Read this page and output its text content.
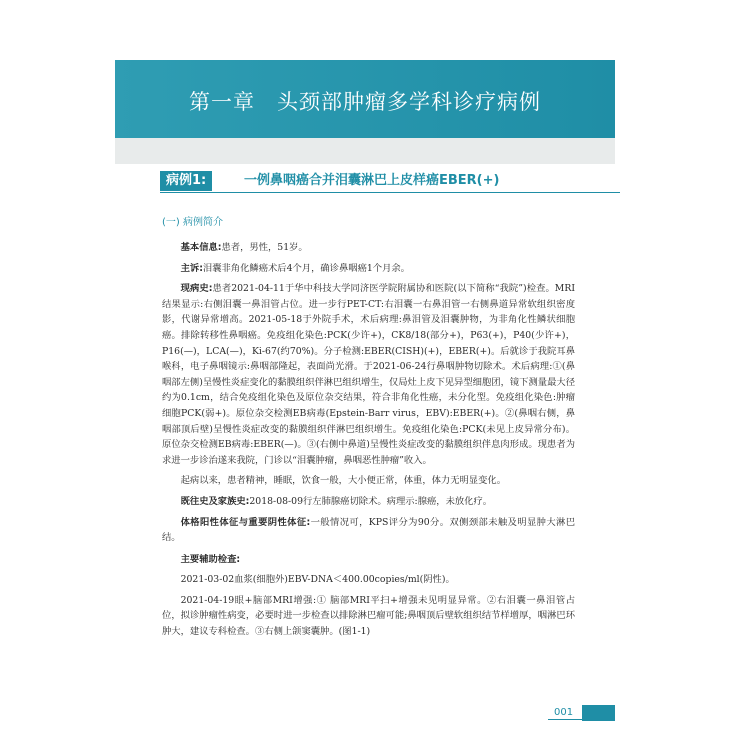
第一章　头颈部肿瘤多学科诊疗病例
病例1:	一例鼻咽癌合并泪囊淋巴上皮样癌EBER(+)
(一) 病例简介

基本信息:患者，男性，51岁。

主诉:泪囊非角化鳞癌术后4个月，确诊鼻咽癌1个月余。

现病史:患者2021-04-11于华中科技大学同济医学院附属协和医院(以下简称“我院”)检查。MRI结果显示:右侧泪囊一鼻泪管占位。进一步行PET-CT:右泪囊一右鼻泪管一右侧鼻道异常软组织密度影，代谢异常增高。2021-05-18于外院手术，术后病理:鼻泪管及泪囊肿物，为非角化性鳞状细胞癌。排除转移性鼻咽癌。免疫组化染色:PCK(少许+)，CK8/18(部分+)，P63(+)，P40(少许+)，P16(—)，LCA(—)，Ki-67(约70%)。分子检测:EBER(CISH)(+)，EBER(+)。后就诊于我院耳鼻喉科，电子鼻咽镜示:鼻咽部隆起，表面尚光滑。于2021-06-24行鼻咽肿物切除术。术后病理:①(鼻咽部左侧)呈慢性炎症变化的黏膜组织伴淋巴组织增生，仅局灶上皮下见异型细胞团，镜下测量最大径约为0.1cm，结合免疫组化染色及原位杂交结果，符合非角化性癌，未分化型。免疫组化染色:肿瘤细胞PCK(弱+)。原位杂交检测EB病毒(Epstein-Barr virus，EBV):EBER(+)。②(鼻咽右侧，鼻咽部顶后壁)呈慢性炎症改变的黏膜组织伴淋巴组织增生。免疫组化染色:PCK(未见上皮异常分布)。原位杂交检测EB病毒:EBER(—)。③(右侧中鼻道)呈慢性炎症改变的黏膜组织伴息肉形成。现患者为求进一步诊治遂来我院，门诊以“泪囊肿瘤，鼻咽恶性肿瘤”收入。

起病以来，患者精神，睡眠，饮食一般，大小便正常，体重，体力无明显变化。

既往史及家族史:2018-08-09行左肺腺癌切除术。病理示:腺癌，未放化疗。

体格阳性体征与重要阴性体征:一般情况可，KPS评分为90分。双侧颈部未触及明显肿大淋巴结。

主要辅助检查:

2021-03-02血浆(细胞外)EBV-DNA＜400.00copies/ml(阴性)。

2021-04-19眼+脑部MRI增强:① 脑部MRI平扫+增强未见明显异常。②右泪囊一鼻泪管占位，拟诊肿瘤性病变，必要时进一步检查以排除淋巴瘤可能;鼻咽顶后壁软组织结节样增厚，咽淋巴环肿大，建议专科检查。③右侧上颌窦囊肿。(图1-1)

001
